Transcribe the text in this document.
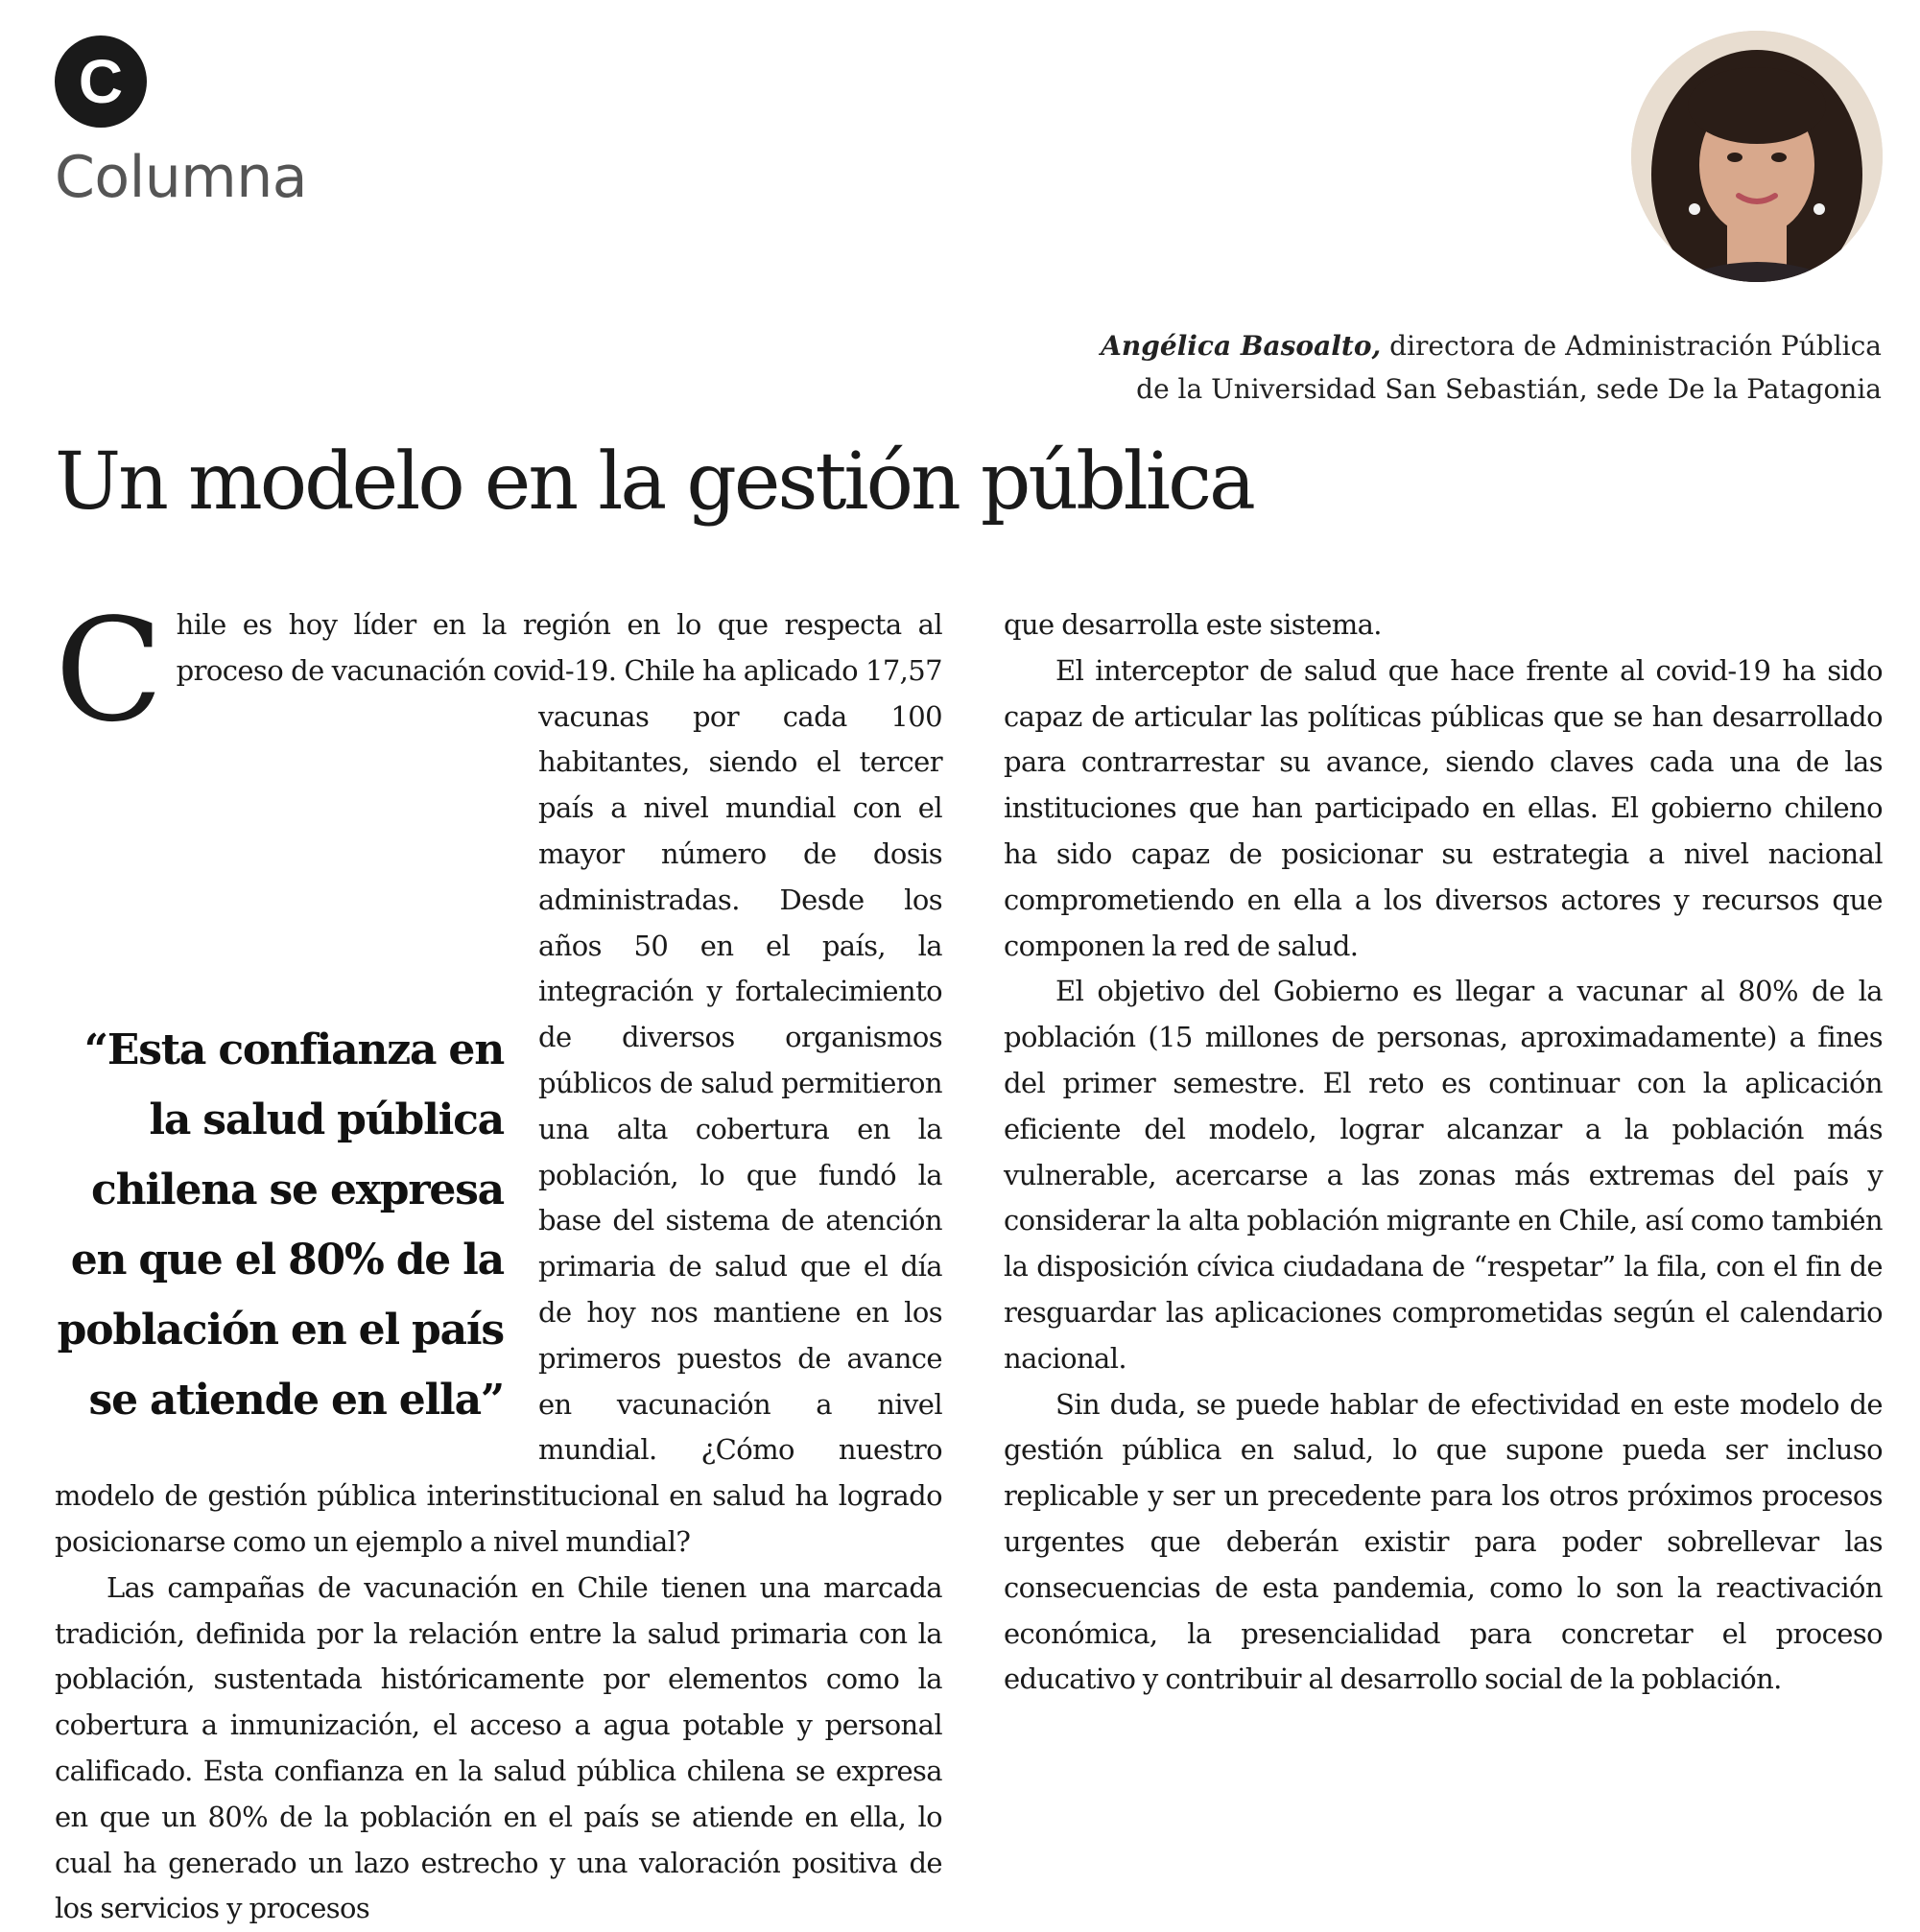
C
Columna
Angélica Basoalto, directora de Administración Pública
de la Universidad San Sebastián, sede De la Patagonia
Un modelo en la gestión pública

C
“Esta confianza en la salud pública chilena se expresa en que el 80% de la población en el país se atiende en ella”
hile es hoy líder en la región en lo que respecta al proceso de vacunación covid-19. Chile ha aplicado 17,57 vacunas por cada 100 habitantes, siendo el tercer país a nivel mundial con el mayor número de dosis administradas. Desde los años 50 en el país, la integración y fortalecimiento de diversos organismos públicos de salud permitieron una alta cobertura en la población, lo que fundó la base del sistema de atención primaria de salud que el día de hoy nos mantiene en los primeros puestos de avance en vacunación a nivel mundial. ¿Cómo nuestro modelo de gestión pública interinstitucional en salud ha logrado posicionarse como un ejemplo a nivel mundial?

Las campañas de vacunación en Chile tienen una marcada tradición, definida por la relación entre la salud primaria con la población, sustentada históricamente por elementos como la cobertura a inmunización, el acceso a agua potable y personal calificado. Esta confianza en la salud pública chilena se expresa en que un 80% de la población en el país se atiende en ella, lo cual ha generado un lazo estrecho y una valoración positiva de los servicios y procesos

que desarrolla este sistema.

El interceptor de salud que hace frente al covid-19 ha sido capaz de articular las políticas públicas que se han desarrollado para contrarrestar su avance, siendo claves cada una de las instituciones que han participado en ellas. El gobierno chileno ha sido capaz de posicionar su estrategia a nivel nacional comprometiendo en ella a los diversos actores y recursos que componen la red de salud.

El objetivo del Gobierno es llegar a vacunar al 80% de la población (15 millones de personas, aproximadamente) a fines del primer semestre. El reto es continuar con la aplicación eficiente del modelo, lograr alcanzar a la población más vulnerable, acercarse a las zonas más extremas del país y considerar la alta población migrante en Chile, así como también la disposición cívica ciudadana de “respetar” la fila, con el fin de resguardar las aplicaciones comprometidas según el calendario nacional.

Sin duda, se puede hablar de efectividad en este modelo de gestión pública en salud, lo que supone pueda ser incluso replicable y ser un precedente para los otros próximos procesos urgentes que deberán existir para poder sobrellevar las consecuencias de esta pandemia, como lo son la reactivación económica, la presencialidad para concretar el proceso educativo y contribuir al desarrollo social de la población.
